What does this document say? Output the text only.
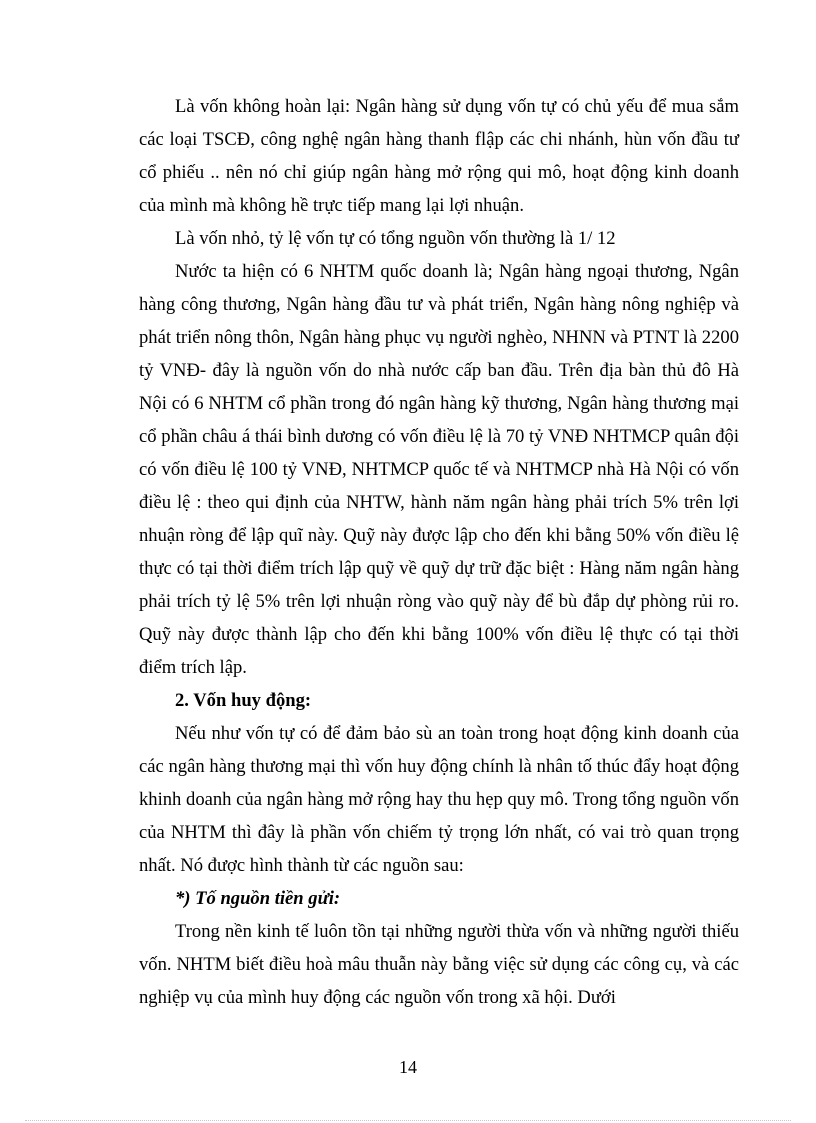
Là vốn không hoàn lại: Ngân hàng sử dụng vốn tự có chủ yếu để mua sắm các loại TSCĐ, công nghệ ngân hàng thanh flập các chi nhánh, hùn vốn đầu tư cổ phiếu .. nên nó chỉ giúp ngân hàng mở rộng qui mô, hoạt động kinh doanh của mình mà không hề trực tiếp mang lại lợi nhuận.

Là vốn nhỏ, tỷ lệ vốn tự có tổng nguồn vốn thường là 1/ 12

Nước ta hiện có 6 NHTM quốc doanh là; Ngân hàng ngoại thương, Ngân hàng công thương, Ngân hàng đầu tư và phát triển, Ngân hàng nông nghiệp và phát triển nông thôn, Ngân hàng phục vụ người nghèo, NHNN và PTNT là 2200 tỷ VNĐ- đây là nguồn vốn do nhà nước cấp ban đầu. Trên địa bàn thủ đô Hà Nội có 6 NHTM cổ phần trong đó ngân hàng kỹ thương, Ngân hàng thương mại cổ phần châu á thái bình dương có vốn điều lệ là 70 tỷ VNĐ NHTMCP quân đội có vốn điều lệ 100 tỷ VNĐ, NHTMCP quốc tế và NHTMCP nhà Hà Nội có vốn điều lệ : theo qui định của NHTW, hành năm ngân hàng phải trích 5% trên lợi nhuận ròng để lập quĩ này. Quỹ này được lập cho đến khi bằng 50% vốn điều lệ thực có tại thời điểm trích lập quỹ về quỹ dự trữ đặc biệt : Hàng năm ngân hàng phải trích tỷ lệ 5% trên lợi nhuận ròng vào quỹ này để bù đắp dự phòng rủi ro. Quỹ này được thành lập cho đến khi bằng 100% vốn điều lệ thực có tại thời điểm trích lập.

2. Vốn huy động:

Nếu như vốn tự có để đảm bảo sù an toàn trong hoạt động kinh doanh của các ngân hàng thương mại thì vốn huy động chính là nhân tố thúc đẩy hoạt động khinh doanh của ngân hàng mở rộng hay thu hẹp quy mô. Trong tổng nguồn vốn của NHTM thì đây là phần vốn chiếm tỷ trọng lớn nhất, có vai trò quan trọng nhất. Nó được hình thành từ các nguồn sau:

*) Tố nguồn tiền gửi:

Trong nền kinh tế luôn tồn tại những người thừa vốn và những người thiếu vốn. NHTM biết điều hoà mâu thuẫn này bằng việc sử dụng các công cụ, và các nghiệp vụ của mình huy động các nguồn vốn trong xã hội. Dưới

14
